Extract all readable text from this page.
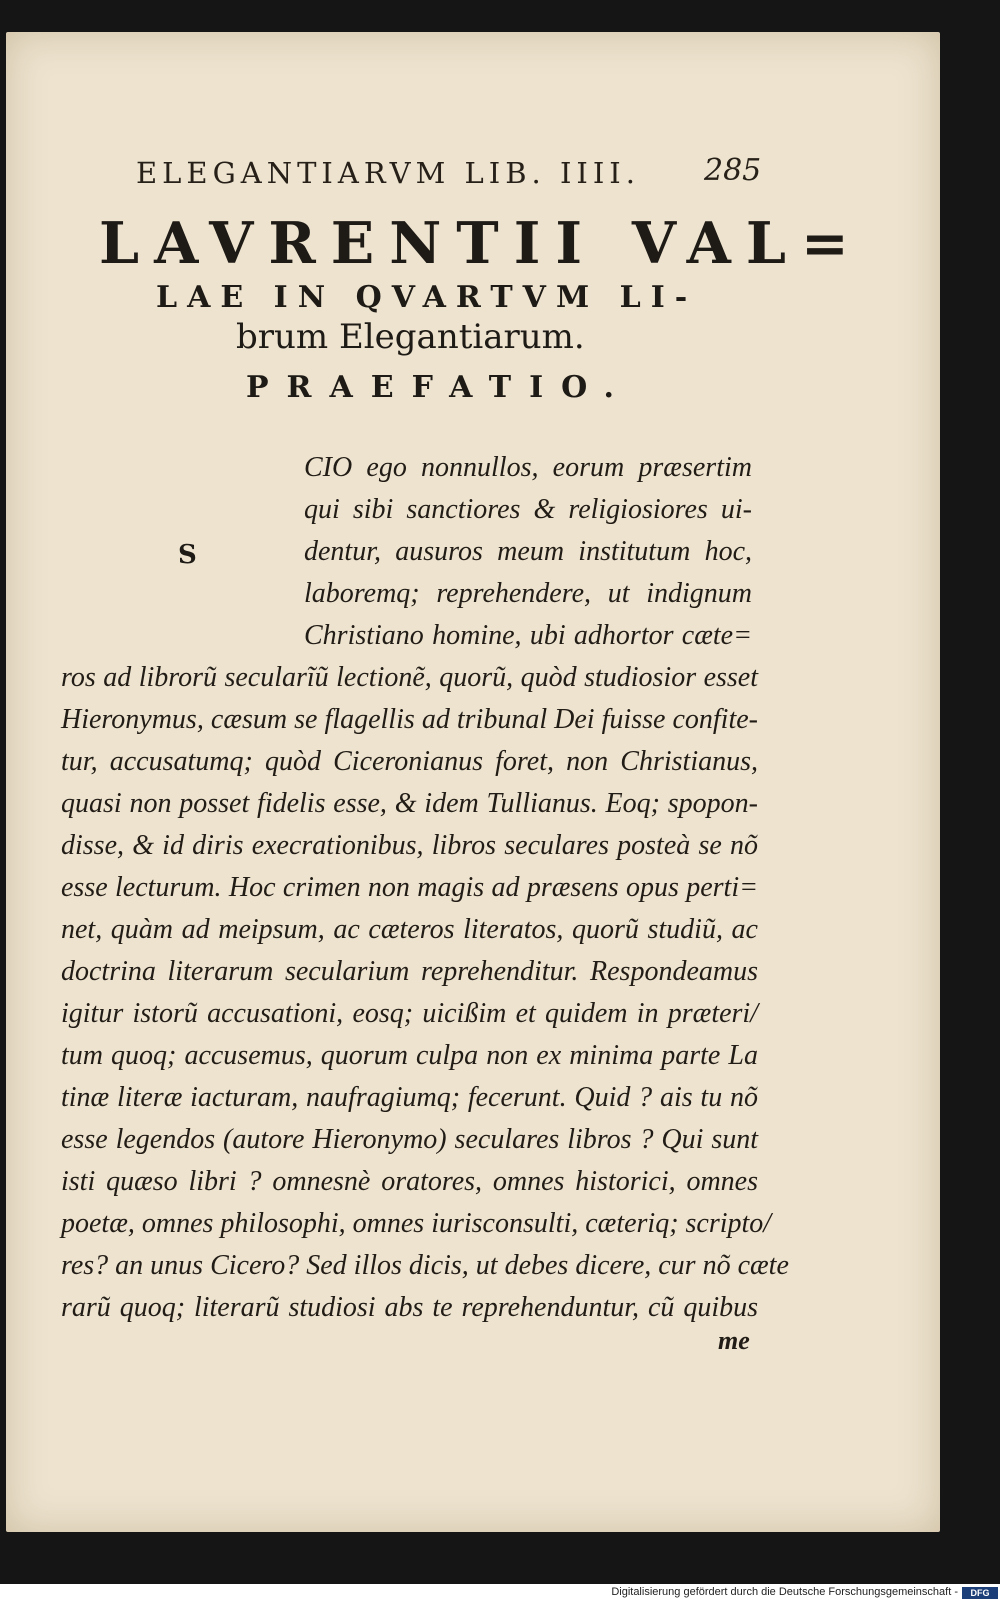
ELEGANTIARVM LIB. IIII. 285
LAVRENTII VAL=
LAE IN QVARTVM LI-
brum Elegantiarum.
PRAEFATIO.
S
CIO ego nonnullos, eorum præsertim
qui sibi sanctiores & religiosiores ui-
dentur, ausuros meum institutum hoc,
laboremq; reprehendere, ut indignum
Christiano homine, ubi adhortor cæte=
ros ad librorũ secularĩũ lectionẽ, quorũ, quòd studiosior esset
Hieronymus, cæsum se flagellis ad tribunal Dei fuisse confite-
tur, accusatumq; quòd Ciceronianus foret, non Christianus,
quasi non posset fidelis esse, & idem Tullianus. Eoq; spopon-
disse, & id diris execrationibus, libros seculares posteà se nõ
esse lecturum. Hoc crimen non magis ad præsens opus perti=
net, quàm ad meipsum, ac cæteros literatos, quorũ studiũ, ac
doctrina literarum secularium reprehenditur. Respondeamus
igitur istorũ accusationi, eosq; uicißim et quidem in præteri/
tum quoq; accusemus, quorum culpa non ex minima parte La
tinæ literæ iacturam, naufragiumq; fecerunt. Quid ? ais tu nõ
esse legendos (autore Hieronymo) seculares libros ? Qui sunt
isti quæso libri ? omnesnè oratores, omnes historici, omnes
poetæ, omnes philosophi, omnes iurisconsulti, cæteriq; scripto/
res? an unus Cicero? Sed illos dicis, ut debes dicere, cur nõ cæte
rarũ quoq; literarũ studiosi abs te reprehenduntur, cũ quibus
me
Digitalisierung gefördert durch die Deutsche Forschungsgemeinschaft -	DFG
